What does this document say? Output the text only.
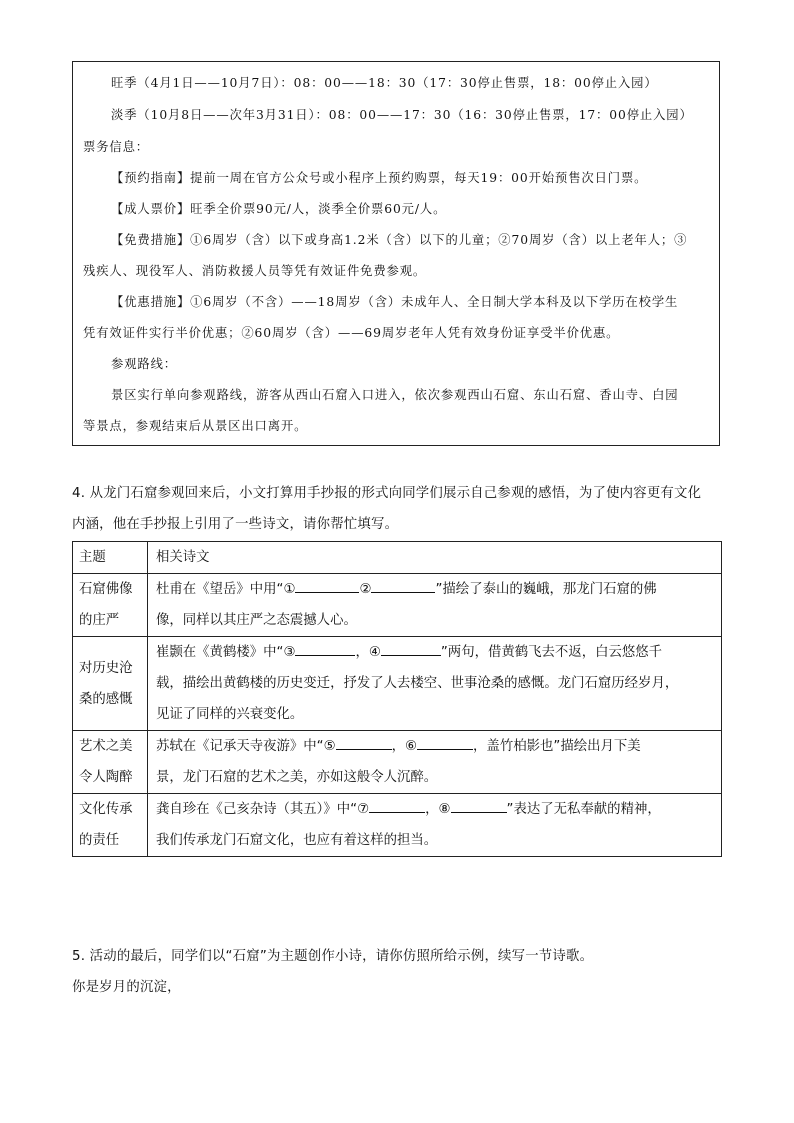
旺季（4月1日——10月7日）：08：00——18：30（17：30停止售票，18：00停止入园）
淡季（10月8日——次年3月31日）：08：00——17：30（16：30停止售票，17：00停止入园）
票务信息：
【预约指南】提前一周在官方公众号或小程序上预约购票，每天19：00开始预售次日门票。
【成人票价】旺季全价票90元/人，淡季全价票60元/人。
【免费措施】①6周岁（含）以下或身高1.2米（含）以下的儿童；②70周岁（含）以上老年人；③
残疾人、现役军人、消防救援人员等凭有效证件免费参观。
【优惠措施】①6周岁（不含）——18周岁（含）未成年人、全日制大学本科及以下学历在校学生
凭有效证件实行半价优惠；②60周岁（含）——69周岁老年人凭有效身份证享受半价优惠。
参观路线：
景区实行单向参观路线，游客从西山石窟入口进入，依次参观西山石窟、东山石窟、香山寺、白园
等景点，参观结束后从景区出口离开。
4. 从龙门石窟参观回来后，小文打算用手抄报的形式向同学们展示自己参观的感悟，为了使内容更有文化
内涵，他在手抄报上引用了一些诗文，请你帮忙填写。
主题	相关诗文
石窟佛像
的庄严	杜甫在《望岳》中用“① ② ”描绘了泰山的巍峨，那龙门石窟的佛
像，同样以其庄严之态震撼人心。
对历史沧
桑的感慨	崔颢在《黄鹤楼》中“③ ，④ ”两句，借黄鹤飞去不返，白云悠悠千
载，描绘出黄鹤楼的历史变迁，抒发了人去楼空、世事沧桑的感慨。龙门石窟历经岁月，
见证了同样的兴衰变化。
艺术之美
令人陶醉	苏轼在《记承天寺夜游》中“⑤ ，⑥ ，盖竹柏影也”描绘出月下美
景，龙门石窟的艺术之美，亦如这般令人沉醉。
文化传承
的责任	龚自珍在《己亥杂诗（其五）》中“⑦ ，⑧ ”表达了无私奉献的精神，
我们传承龙门石窟文化，也应有着这样的担当。
5. 活动的最后，同学们以“石窟”为主题创作小诗，请你仿照所给示例，续写一节诗歌。
你是岁月的沉淀，
